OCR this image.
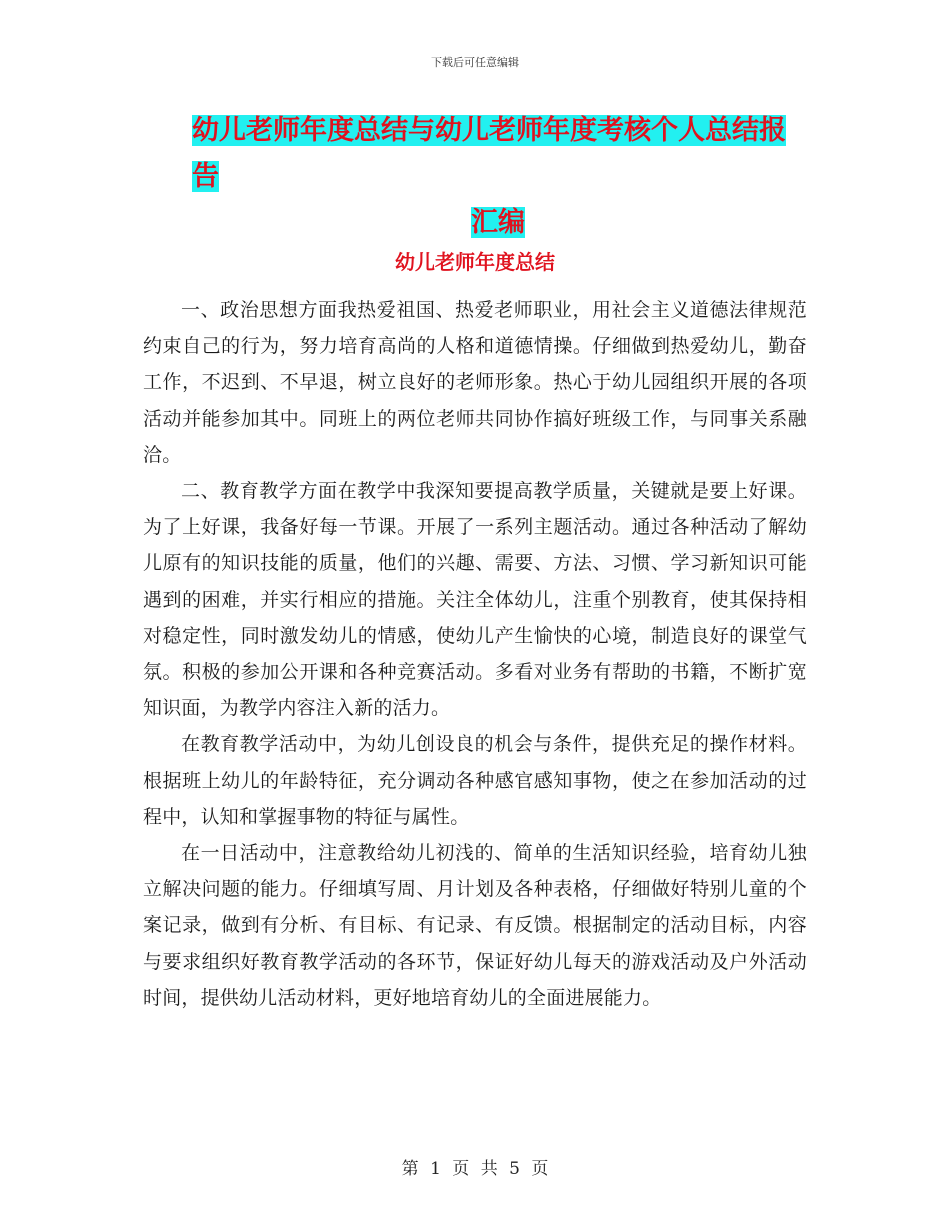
下载后可任意编辑
幼儿老师年度总结与幼儿老师年度考核个人总结报告
汇编
幼儿老师年度总结

一、政治思想方面我热爱祖国、热爱老师职业，用社会主义道德法律规范约束自己的行为，努力培育高尚的人格和道德情操。仔细做到热爱幼儿，勤奋工作，不迟到、不早退，树立良好的老师形象。热心于幼儿园组织开展的各项活动并能参加其中。同班上的两位老师共同协作搞好班级工作，与同事关系融洽。

二、教育教学方面在教学中我深知要提高教学质量，关键就是要上好课。为了上好课，我备好每一节课。开展了一系列主题活动。通过各种活动了解幼儿原有的知识技能的质量，他们的兴趣、需要、方法、习惯、学习新知识可能遇到的困难，并实行相应的措施。关注全体幼儿，注重个别教育，使其保持相对稳定性，同时激发幼儿的情感，使幼儿产生愉快的心境，制造良好的课堂气氛。积极的参加公开课和各种竞赛活动。多看对业务有帮助的书籍，不断扩宽知识面，为教学内容注入新的活力。

在教育教学活动中，为幼儿创设良的机会与条件，提供充足的操作材料。根据班上幼儿的年龄特征，充分调动各种感官感知事物，使之在参加活动的过程中，认知和掌握事物的特征与属性。

在一日活动中，注意教给幼儿初浅的、简单的生活知识经验，培育幼儿独立解决问题的能力。仔细填写周、月计划及各种表格，仔细做好特别儿童的个案记录，做到有分析、有目标、有记录、有反馈。根据制定的活动目标，内容与要求组织好教育教学活动的各环节，保证好幼儿每天的游戏活动及户外活动时间，提供幼儿活动材料，更好地培育幼儿的全面进展能力。

第 1 页 共 5 页
